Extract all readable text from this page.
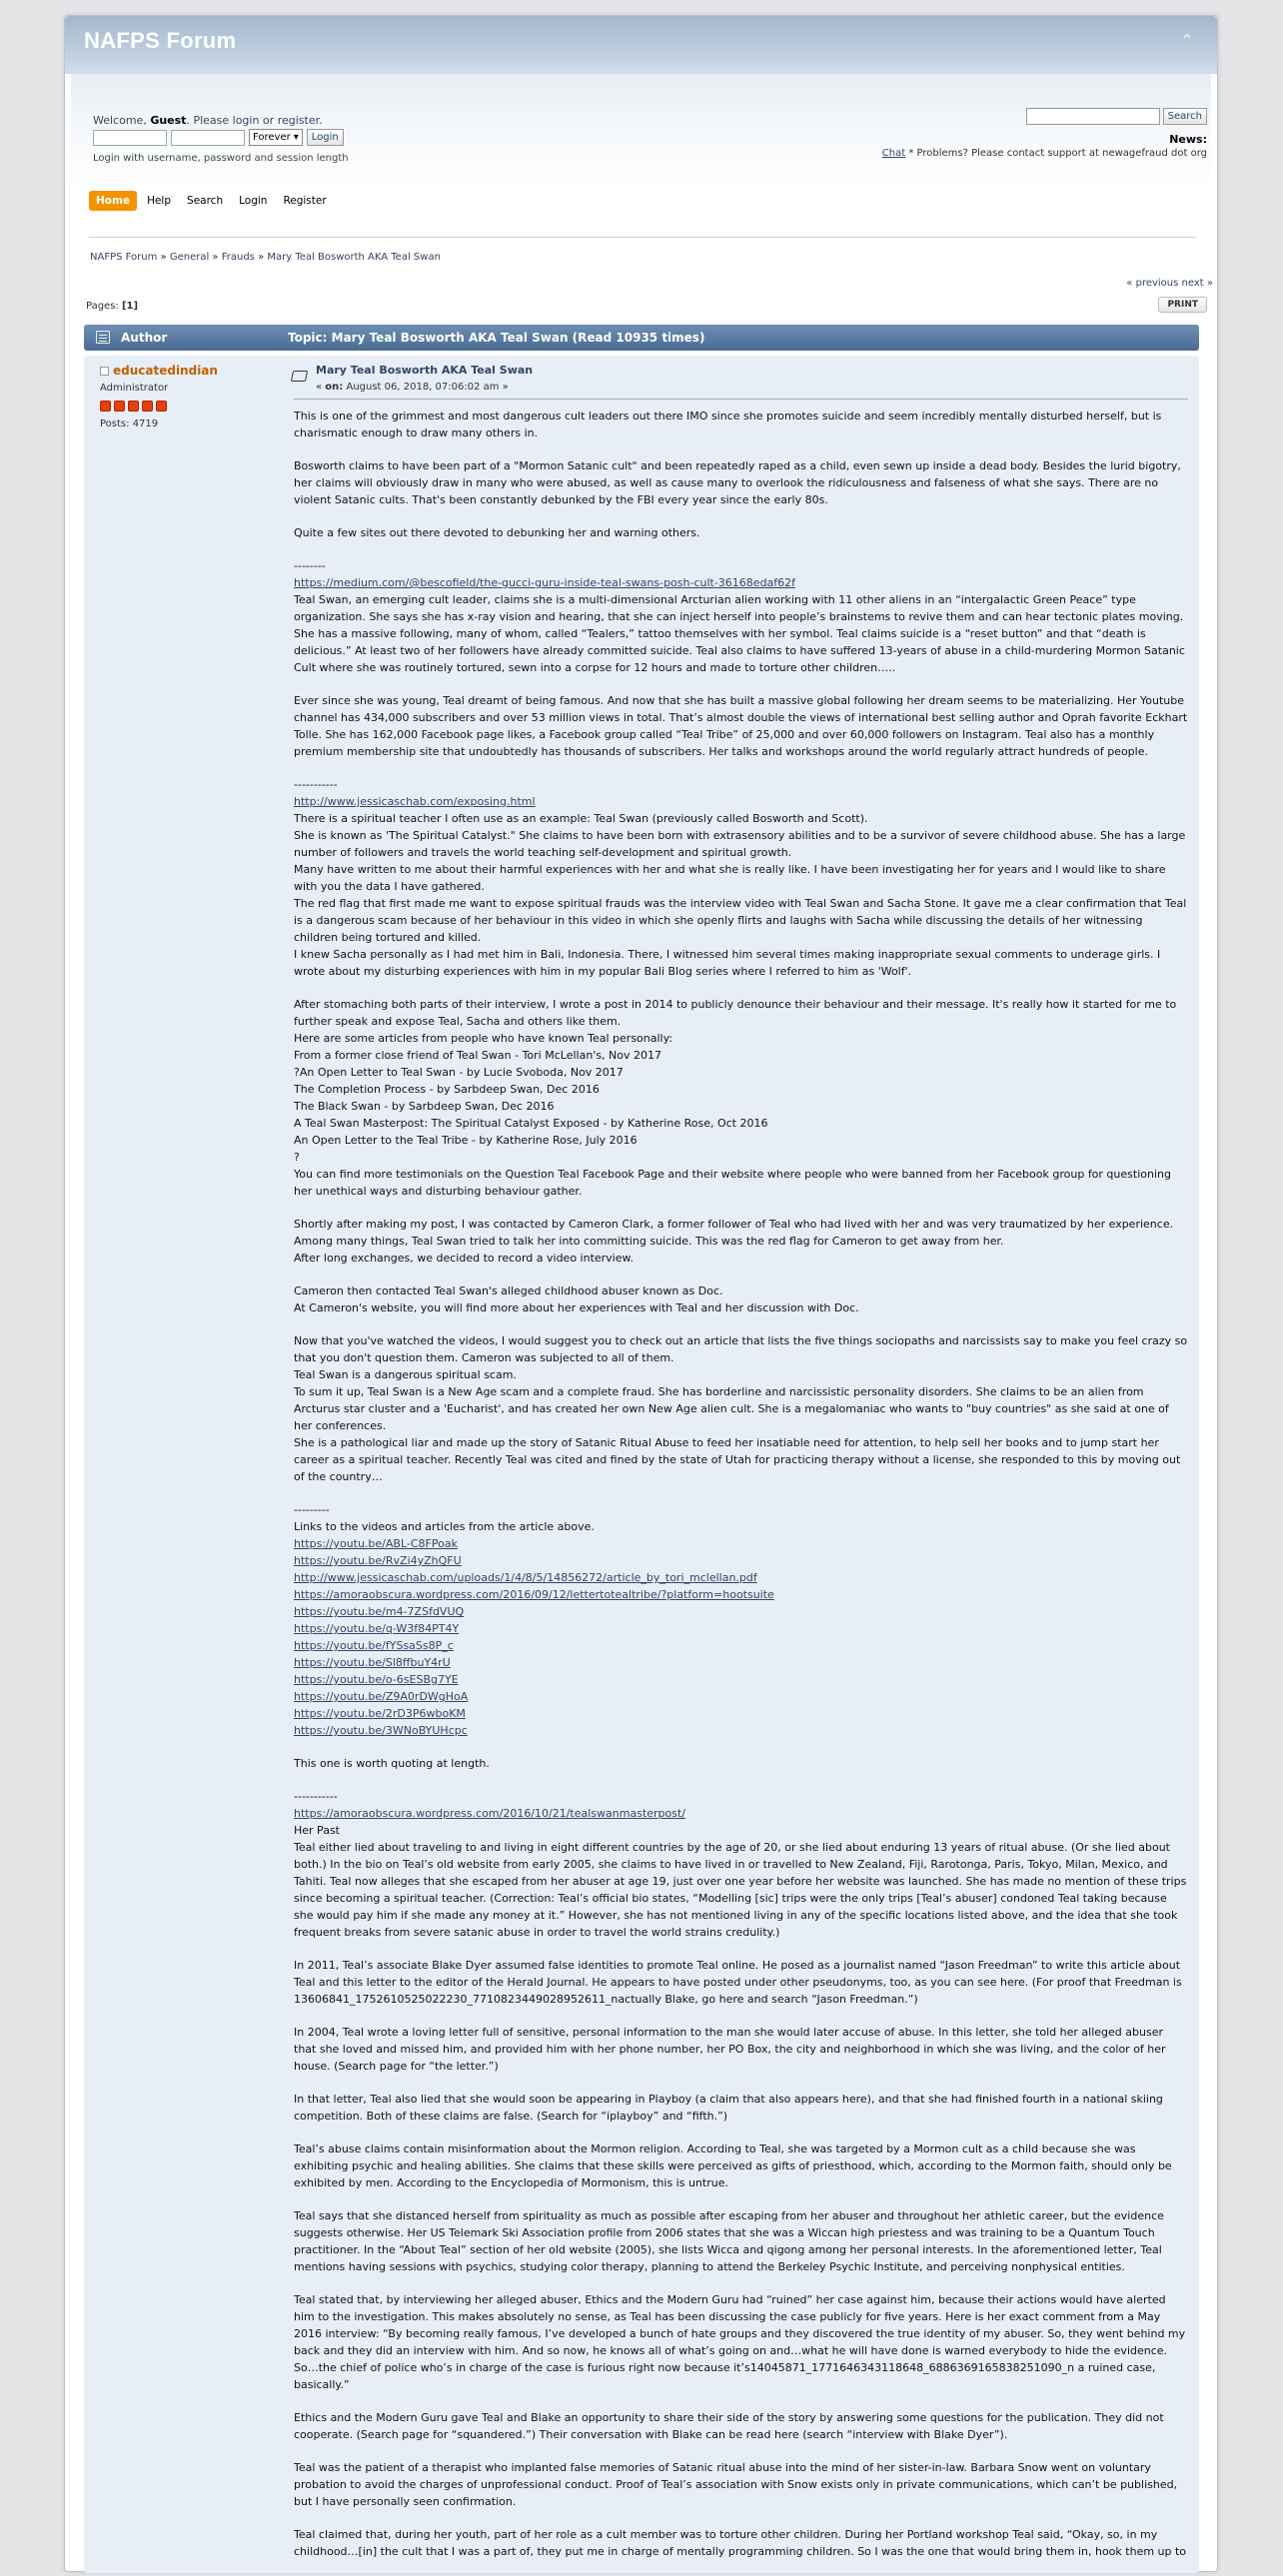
NAFPS Forum	⌃
Welcome, Guest. Please login or register.
Forever ▾	Login
Login with username, password and session length
Search
News:
Chat * Problems? Please contact support at newagefraud dot org
Home	Help	Search	Login	Register
NAFPS Forum » General » Frauds » Mary Teal Bosworth AKA Teal Swan
« previous next »
Pages: [1]	PRINT
Author	Topic: Mary Teal Bosworth AKA Teal Swan (Read 10935 times)
educatedindian
Administrator
Posts: 4719
Mary Teal Bosworth AKA Teal Swan
« on: August 06, 2018, 07:06:02 am »

This is one of the grimmest and most dangerous cult leaders out there IMO since she promotes suicide and seem incredibly mentally disturbed herself, but is charismatic enough to draw many others in.

Bosworth claims to have been part of a "Mormon Satanic cult" and been repeatedly raped as a child, even sewn up inside a dead body. Besides the lurid bigotry, her claims will obviously draw in many who were abused, as well as cause many to overlook the ridiculousness and falseness of what she says. There are no violent Satanic cults. That's been constantly debunked by the FBI every year since the early 80s.

Quite a few sites out there devoted to debunking her and warning others.

--------
https://medium.com/@bescofield/the-gucci-guru-inside-teal-swans-posh-cult-36168edaf62f
Teal Swan, an emerging cult leader, claims she is a multi-dimensional Arcturian alien working with 11 other aliens in an “intergalactic Green Peace” type organization. She says she has x-ray vision and hearing, that she can inject herself into people’s brainstems to revive them and can hear tectonic plates moving. She has a massive following, many of whom, called “Tealers,” tattoo themselves with her symbol. Teal claims suicide is a “reset button” and that “death is delicious.” At least two of her followers have already committed suicide. Teal also claims to have suffered 13-years of abuse in a child-murdering Mormon Satanic Cult where she was routinely tortured, sewn into a corpse for 12 hours and made to torture other children…..

Ever since she was young, Teal dreamt of being famous. And now that she has built a massive global following her dream seems to be materializing. Her Youtube channel has 434,000 subscribers and over 53 million views in total. That’s almost double the views of international best selling author and Oprah favorite Eckhart Tolle. She has 162,000 Facebook page likes, a Facebook group called “Teal Tribe” of 25,000 and over 60,000 followers on Instagram. Teal also has a monthly premium membership site that undoubtedly has thousands of subscribers. Her talks and workshops around the world regularly attract hundreds of people.

-----------
http://www.jessicaschab.com/exposing.html
There is a spiritual teacher I often use as an example: Teal Swan (previously called Bosworth and Scott).
She is known as 'The Spiritual Catalyst." She claims to have been born with extrasensory abilities and to be a survivor of severe childhood abuse. She has a large number of followers and travels the world teaching self-development and spiritual growth.
Many have written to me about their harmful experiences with her and what she is really like. I have been investigating her for years and I would like to share with you the data I have gathered.
The red flag that first made me want to expose spiritual frauds was the interview video with Teal Swan and Sacha Stone. It gave me a clear confirmation that Teal is a dangerous scam because of her behaviour in this video in which she openly flirts and laughs with Sacha while discussing the details of her witnessing children being tortured and killed.
I knew Sacha personally as I had met him in Bali, Indonesia. There, I witnessed him several times making inappropriate sexual comments to underage girls. I wrote about my disturbing experiences with him in my popular Bali Blog series where I referred to him as 'Wolf'.

After stomaching both parts of their interview, I wrote a post in 2014 to publicly denounce their behaviour and their message. It's really how it started for me to further speak and expose Teal, Sacha and others like them.
Here are some articles from people who have known Teal personally:
From a former close friend of Teal Swan - Tori McLellan's, Nov 2017
?An Open Letter to Teal Swan - by Lucie Svoboda, Nov 2017
The Completion Process - by Sarbdeep Swan, Dec 2016
The Black Swan - by Sarbdeep Swan, Dec 2016
A Teal Swan Masterpost: The Spiritual Catalyst Exposed - by Katherine Rose, Oct 2016
An Open Letter to the Teal Tribe - by Katherine Rose, July 2016
?
You can find more testimonials on the Question Teal Facebook Page and their website where people who were banned from her Facebook group for questioning her unethical ways and disturbing behaviour gather.

Shortly after making my post, I was contacted by Cameron Clark, a former follower of Teal who had lived with her and was very traumatized by her experience. Among many things, Teal Swan tried to talk her into committing suicide. This was the red flag for Cameron to get away from her.
After long exchanges, we decided to record a video interview.

Cameron then contacted Teal Swan's alleged childhood abuser known as Doc.
At Cameron's website, you will find more about her experiences with Teal and her discussion with Doc.

Now that you've watched the videos, I would suggest you to check out an article that lists the five things sociopaths and narcissists say to make you feel crazy so that you don't question them. Cameron was subjected to all of them.
Teal Swan is a dangerous spiritual scam.
To sum it up, Teal Swan is a New Age scam and a complete fraud. She has borderline and narcissistic personality disorders. She claims to be an alien from Arcturus star cluster and a 'Eucharist', and has created her own New Age alien cult. She is a megalomaniac who wants to "buy countries" as she said at one of her conferences.
She is a pathological liar and made up the story of Satanic Ritual Abuse to feed her insatiable need for attention, to help sell her books and to jump start her career as a spiritual teacher. Recently Teal was cited and fined by the state of Utah for practicing therapy without a license, she responded to this by moving out of the country…

---------
Links to the videos and articles from the article above.
https://youtu.be/ABL-C8FPoak
https://youtu.be/RvZi4yZhQFU
http://www.jessicaschab.com/uploads/1/4/8/5/14856272/article_by_tori_mclellan.pdf
https://amoraobscura.wordpress.com/2016/09/12/lettertotealtribe/?platform=hootsuite
https://youtu.be/m4-7ZSfdVUQ
https://youtu.be/q-W3f84PT4Y
https://youtu.be/fYSsaSs8P_c
https://youtu.be/Sl8ffbuY4rU
https://youtu.be/o-6sESBg7YE
https://youtu.be/Z9A0rDWgHoA
https://youtu.be/2rD3P6wboKM
https://youtu.be/3WNoBYUHcpc

This one is worth quoting at length.

-----------
https://amoraobscura.wordpress.com/2016/10/21/tealswanmasterpost/
Her Past
Teal either lied about traveling to and living in eight different countries by the age of 20, or she lied about enduring 13 years of ritual abuse. (Or she lied about both.) In the bio on Teal’s old website from early 2005, she claims to have lived in or travelled to New Zealand, Fiji, Rarotonga, Paris, Tokyo, Milan, Mexico, and Tahiti. Teal now alleges that she escaped from her abuser at age 19, just over one year before her website was launched. She has made no mention of these trips since becoming a spiritual teacher. (Correction: Teal’s official bio states, “Modelling [sic] trips were the only trips [Teal’s abuser] condoned Teal taking because she would pay him if she made any money at it.” However, she has not mentioned living in any of the specific locations listed above, and the idea that she took frequent breaks from severe satanic abuse in order to travel the world strains credulity.)

In 2011, Teal’s associate Blake Dyer assumed false identities to promote Teal online. He posed as a journalist named “Jason Freedman” to write this article about Teal and this letter to the editor of the Herald Journal. He appears to have posted under other pseudonyms, too, as you can see here. (For proof that Freedman is 13606841_1752610525022230_771082344902895261​1_nactually Blake, go here and search “Jason Freedman.”)

In 2004, Teal wrote a loving letter full of sensitive, personal information to the man she would later accuse of abuse. In this letter, she told her alleged abuser that she loved and missed him, and provided him with her phone number, her PO Box, the city and neighborhood in which she was living, and the color of her house. (Search page for “the letter.”)

In that letter, Teal also lied that she would soon be appearing in Playboy (a claim that also appears here), and that she had finished fourth in a national skiing competition. Both of these claims are false. (Search for “iplayboy” and “fifth.”)

Teal’s abuse claims contain misinformation about the Mormon religion. According to Teal, she was targeted by a Mormon cult as a child because she was exhibiting psychic and healing abilities. She claims that these skills were perceived as gifts of priesthood, which, according to the Mormon faith, should only be exhibited by men. According to the Encyclopedia of Mormonism, this is untrue.

Teal says that she distanced herself from spirituality as much as possible after escaping from her abuser and throughout her athletic career, but the evidence suggests otherwise. Her US Telemark Ski Association profile from 2006 states that she was a Wiccan high priestess and was training to be a Quantum Touch practitioner. In the “About Teal” section of her old website (2005), she lists Wicca and qigong among her personal interests. In the aforementioned letter, Teal mentions having sessions with psychics, studying color therapy, planning to attend the Berkeley Psychic Institute, and perceiving nonphysical entities.

Teal stated that, by interviewing her alleged abuser, Ethics and the Modern Guru had “ruined” her case against him, because their actions would have alerted him to the investigation. This makes absolutely no sense, as Teal has been discussing the case publicly for five years. Here is her exact comment from a May 2016 interview: “By becoming really famous, I’ve developed a bunch of hate groups and they discovered the true identity of my abuser. So, they went behind my back and they did an interview with him. And so now, he knows all of what’s going on and…what he will have done is warned everybody to hide the evidence. So…the chief of police who’s in charge of the case is furious right now because it’s14045871_1771646343118648_688636916583825109​0_n a ruined case, basically.”

Ethics and the Modern Guru gave Teal and Blake an opportunity to share their side of the story by answering some questions for the publication. They did not cooperate. (Search page for “squandered.”) Their conversation with Blake can be read here (search “interview with Blake Dyer”).

Teal was the patient of a therapist who implanted false memories of Satanic ritual abuse into the mind of her sister-in-law. Barbara Snow went on voluntary probation to avoid the charges of unprofessional conduct. Proof of Teal’s association with Snow exists only in private communications, which can’t be published, but I have personally seen confirmation.

Teal claimed that, during her youth, part of her role as a cult member was to torture other children. During her Portland workshop Teal said, “Okay, so, in my childhood…[in] the cult that I was a part of, they put me in charge of mentally programming children. So I was the one that would bring them in, hook them up to
